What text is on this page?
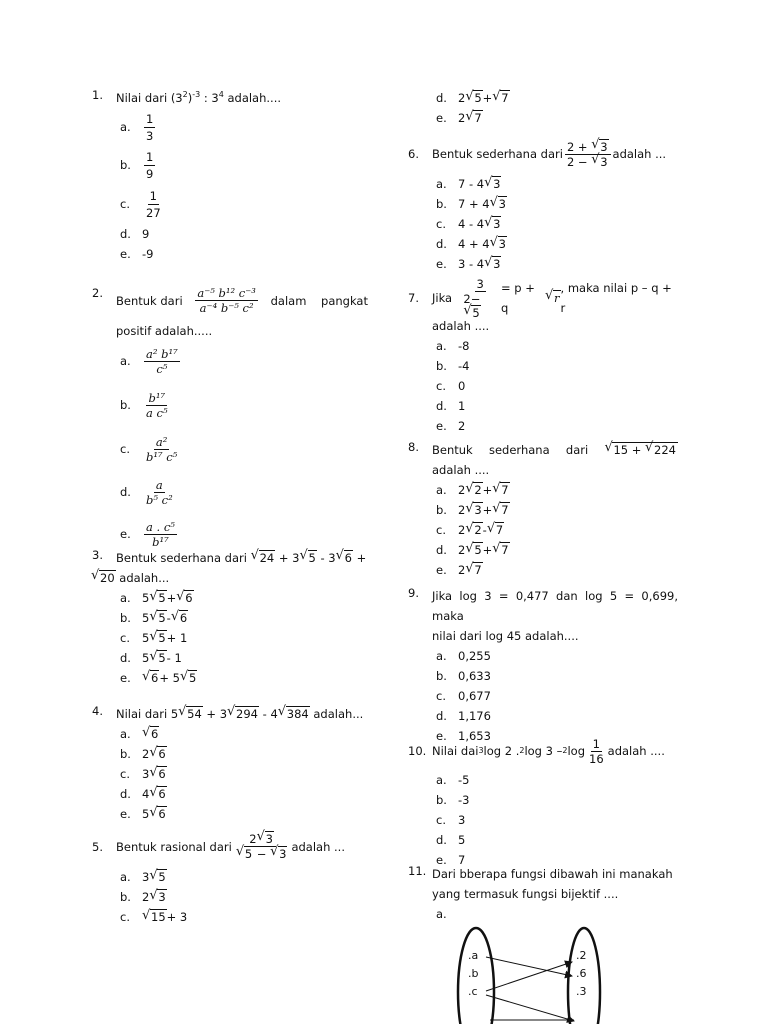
1.	Nilai dari $(3^2)^{-3}$ : $3^4$ adalah....
a.	$\frac{1}{3}$
b.	$\frac{1}{9}$
c.	$\frac{1}{27}$
d. 9
e. -9
2.
Bentuk dari $\frac{\text{a⁻⁵ b¹² c⁻³}}{\text{a⁻⁴ b⁻⁵ c²}}$ dalam    pangkat
positif adalah.....
a.	$\frac{\text{a² b¹⁷}}{\text{c⁵}}$
b.	$\frac{\text{b¹⁷}}{\text{a c⁵}}$
c.	$\frac{\text{a²}}{\text{b¹⁷ c⁵}}$
d.	$\frac{a}{\text{b⁵ c²}}$
e.	$\frac{\text{a . c⁵}}{\text{b¹⁷}}$
3.	Bentuk sederhana dari √ 24 + 3 √ 5 - 3 √ 6 +
√ 20 adalah...
a. 5 √ 5 + √ 6
b. 5 √ 5 - √ 6
c.	5 √ 5 + 1
d. 5 √ 5 - 1
e.	√ 6 + 5 √ 5
4.	Nilai dari 5 √ 54 + 3 √ 294 - 4 √ 384 adalah...
a.	√ 6
b. 2 √ 6
c.	3 √ 6
d. 4 √ 6
e. 5 √ 6
5.	Bentuk rasional dari 2 √ 3
√ 5 − √ 3 adalah ...
a. 3 √ 5
b. 2 √ 3
c.	√ 15 + 3
d. 2 √ 5 + √ 7
e. 2 √ 7
6.	Bentuk sederhana dari $\frac{2 + √ 3}{2 - √ 3}$ adalah ...
a. 7 - 4 √ 3
b. 7 + 4 √ 3
c.	4 - 4 √ 3
d. 4 + 4 √ 3
e. 3 - 4 √ 3
7.	Jika
$\frac{3}{2-√ 5} = p + q$
√ r
, maka nilai p – q + r
adalah ....
a. -8
b. -4
c.	0
d. 1
e. 2
8.	Bentuk sederhana dari	√ 15 + √ 224
adalah ....
a. 2 √ 2 + √ 7
b. 2 √ 3 + √ 7
c.	2 √ 2 - √ 7
d. 2 √ 5 + √ 7
e. 2 √ 7
9.	Jika log 3 = 0,477 dan log 5 = 0,699, maka
nilai dari log 45 adalah....
a. 0,255
b. 0,633
c.	0,677
d. 1,176
e. 1,653
10. Nilai dai 3 log 2 . 2 log 3 – 2 $\log \frac{1}{16}$ adalah ....
a. -5
b. -3
c.	3
d. 5
e. 7
11. Dari bberapa fungsi dibawah ini manakah
yang termasuk fungsi bijektif ....
a.
.a
.b
.c
.2
.6
.3
